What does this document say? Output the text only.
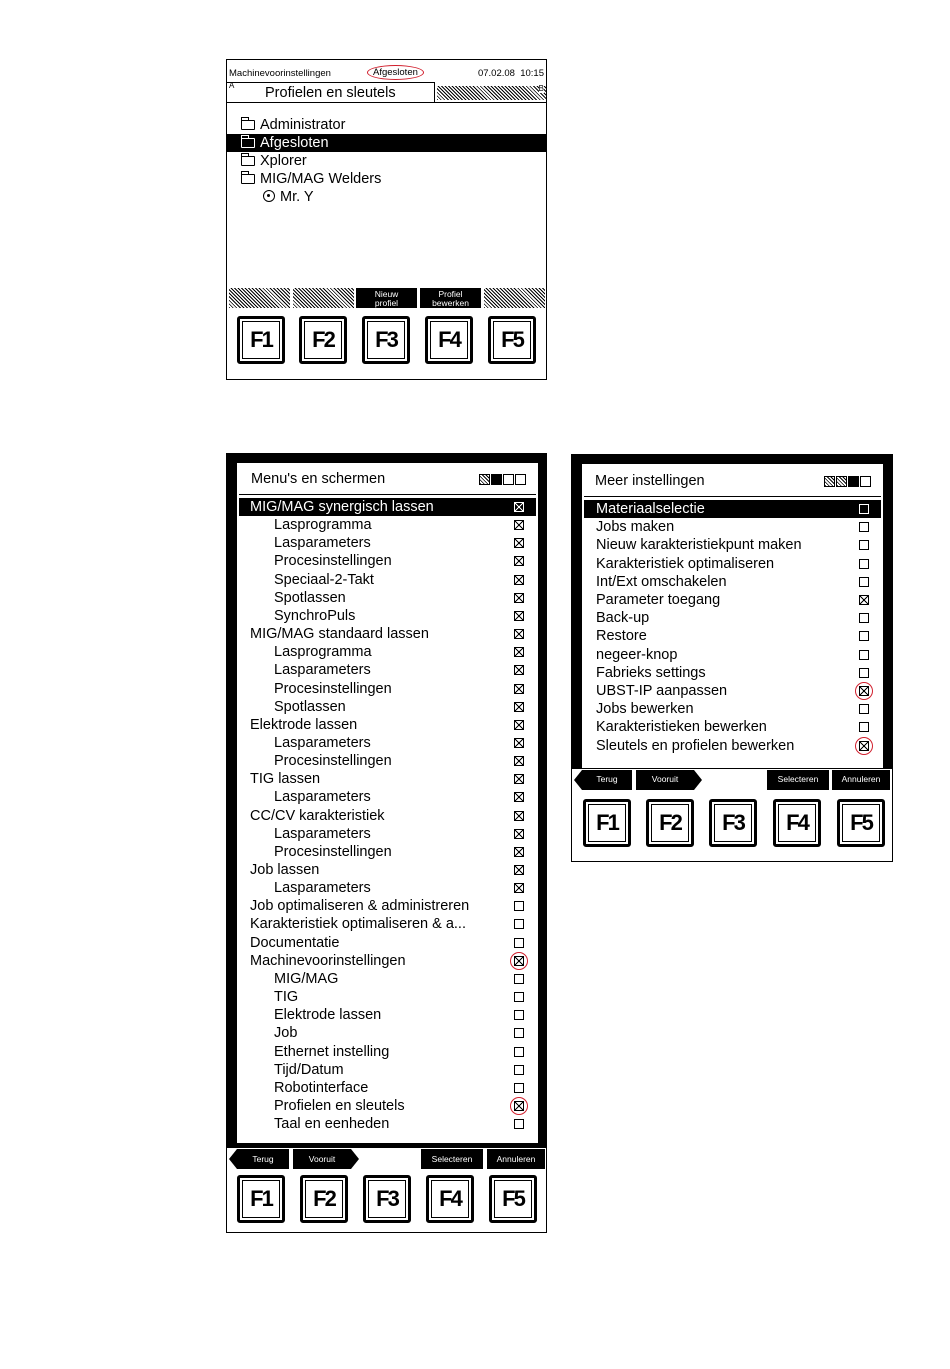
Machinevoorinstellingen	Afgesloten	07.02.08 10:15
A Profielen en sleutels	B
Administrator
Afgesloten
Xplorer
MIG/MAG Welders
Mr. Y
Nieuw profiel
Profiel bewerken
F1	F2	F3	F4	F5
Menu's en schermen
MIG/MAG synergisch lassen
Lasprogramma
Lasparameters
Procesinstellingen
Speciaal-2-Takt
Spotlassen
SynchroPuls
MIG/MAG standaard lassen
Lasprogramma
Lasparameters
Procesinstellingen
Spotlassen
Elektrode lassen
Lasparameters
Procesinstellingen
TIG lassen
Lasparameters
CC/CV karakteristiek
Lasparameters
Procesinstellingen
Job lassen
Lasparameters
Job optimaliseren & administreren
Karakteristiek optimaliseren & a...
Documentatie
Machinevoorinstellingen
MIG/MAG
TIG
Elektrode lassen
Job
Ethernet instelling
Tijd/Datum
Robotinterface
Profielen en sleutels
Taal en eenheden
Terug	Vooruit	Selecteren	Annuleren
F1	F2	F3	F4	F5
Meer instellingen
Materiaalselectie
Jobs maken
Nieuw karakteristiekpunt maken
Karakteristiek optimaliseren
Int/Ext omschakelen
Parameter toegang
Back-up
Restore
negeer-knop
Fabrieks settings
UBST-IP aanpassen
Jobs bewerken
Karakteristieken bewerken
Sleutels en profielen bewerken
Terug	Vooruit	Selecteren	Annuleren
F1	F2	F3	F4	F5
